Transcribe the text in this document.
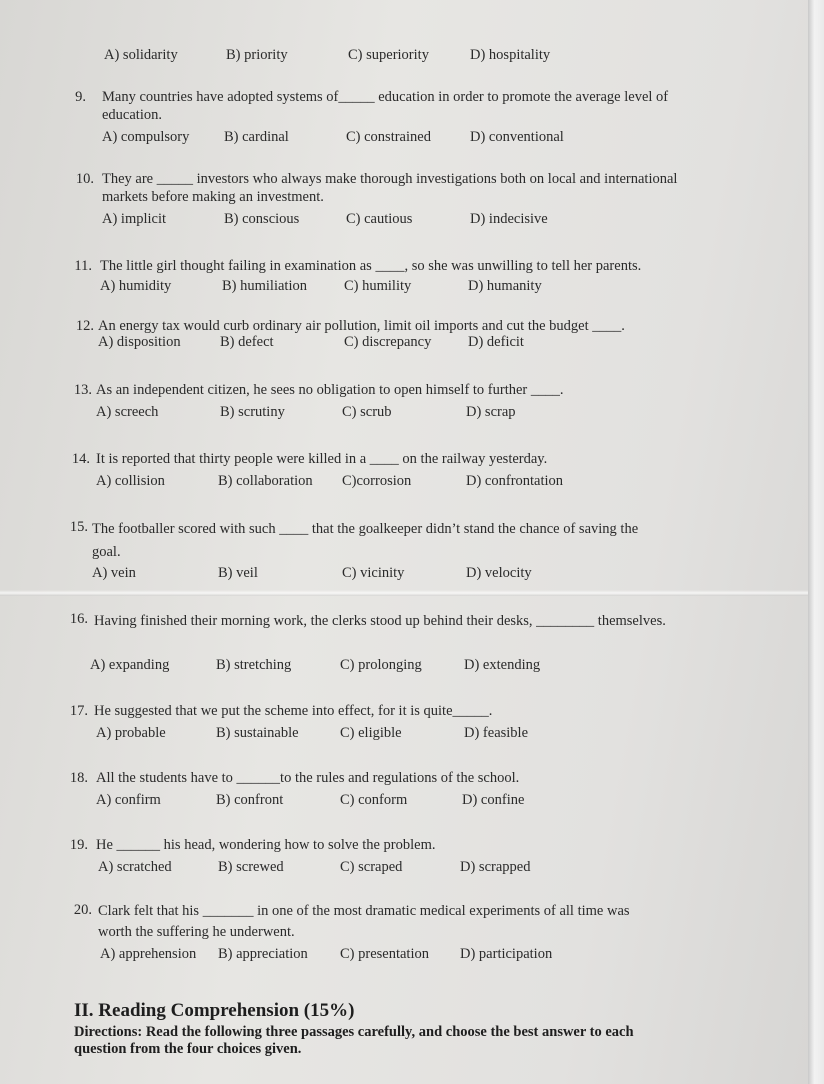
A) solidarity	B) priority	C) superiority	D) hospitality
9. Many countries have adopted systems of_____ education in order to promote the average level of education.
A) compulsory B) cardinal	C) constrained	D) conventional
10. They are _____ investors who always make thorough investigations both on local and international markets before making an investment.
A) implicit	B) conscious	C) cautious	D) indecisive
11. The little girl thought failing in examination as ____, so she was unwilling to tell her parents.
A) humidity	B) humiliation	C) humility	D) humanity
12. An energy tax would curb ordinary air pollution, limit oil imports and cut the budget ____.
A) disposition	B) defect	C) discrepancy	D) deficit
13. As an independent citizen, he sees no obligation to open himself to further ____.
A) screech	B) scrutiny	C) scrub	D) scrap
14. It is reported that thirty people were killed in a ____ on the railway yesterday.
A) collision	B) collaboration C)corrosion	D) confrontation
15. The footballer scored with such ____ that the goalkeeper didn’t stand the chance of saving the goal.
A) vein	B) veil	C) vicinity	D) velocity
16. Having finished their morning work, the clerks stood up behind their desks, ________ themselves.
A) expanding	B) stretching	C) prolonging	D) extending
17. He suggested that we put the scheme into effect, for it is quite_____.
A) probable	B) sustainable	C) eligible	D) feasible
18. All the students have to ______to the rules and regulations of the school.
A) confirm	B) confront	C) conform	D) confine
19. He ______ his head, wondering how to solve the problem.
A) scratched	B) screwed	C) scraped	D) scrapped
20. Clark felt that his _______ in one of the most dramatic medical experiments of all time was worth the suffering he underwent.
A) apprehension B) appreciation C) presentation D) participation
II. Reading Comprehension (15%)
Directions: Read the following three passages carefully, and choose the best answer to each question from the four choices given.
